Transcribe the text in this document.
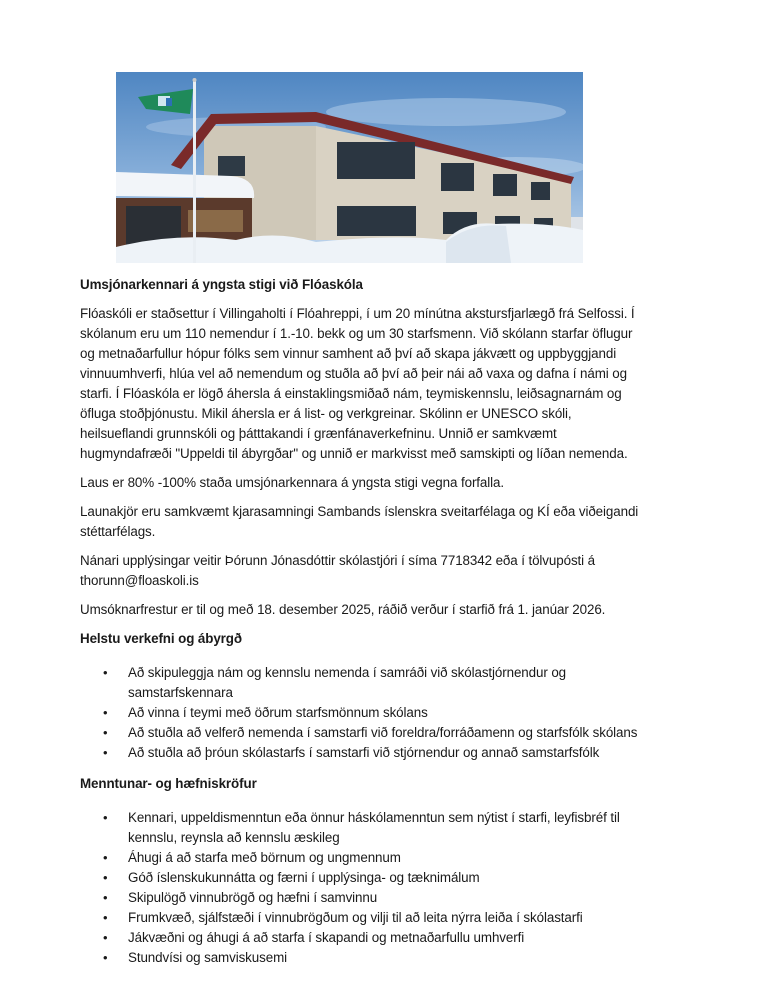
Umsjónarkennari á yngsta stigi við Flóaskóla

Flóaskóli er staðsettur í Villingaholti í Flóahreppi, í um 20 mínútna akstursfjarlægð frá Selfossi. Í
skólanum eru um 110 nemendur í 1.-10. bekk og um 30 starfsmenn. Við skólann starfar öflugur
og metnaðarfullur hópur fólks sem vinnur samhent að því að skapa jákvætt og uppbyggjandi
vinnuumhverfi, hlúa vel að nemendum og stuðla að því að þeir nái að vaxa og dafna í námi og
starfi. Í Flóaskóla er lögð áhersla á einstaklingsmiðað nám, teymiskennslu, leiðsagnarnám og
öfluga stoðþjónustu. Mikil áhersla er á list- og verkgreinar. Skólinn er UNESCO skóli,
heilsueflandi grunnskóli og þátttakandi í grænfánaverkefninu. Unnið er samkvæmt
hugmyndafræði "Uppeldi til ábyrgðar" og unnið er markvisst með samskipti og líðan nemenda.

Laus er 80% -100% staða umsjónarkennara á yngsta stigi vegna forfalla.

Launakjör eru samkvæmt kjarasamningi Sambands íslenskra sveitarfélaga og KÍ eða viðeigandi
stéttarfélags.

Nánari upplýsingar veitir Þórunn Jónasdóttir skólastjóri í síma 7718342 eða í tölvupósti á
thorunn@floaskoli.is

Umsóknarfrestur er til og með 18. desember 2025, ráðið verður í starfið frá 1. janúar 2026.

Helstu verkefni og ábyrgð

• Að skipuleggja nám og kennslu nemenda í samráði við skólastjórnendur og
samstarfskennara
• Að vinna í teymi með öðrum starfsmönnum skólans
• Að stuðla að velferð nemenda í samstarfi við foreldra/forráðamenn og starfsfólk skólans
• Að stuðla að þróun skólastarfs í samstarfi við stjórnendur og annað samstarfsfólk

Menntunar- og hæfniskröfur

• Kennari, uppeldismenntun eða önnur háskólamenntun sem nýtist í starfi, leyfisbréf til
kennslu, reynsla að kennslu æskileg
• Áhugi á að starfa með börnum og ungmennum
• Góð íslenskukunnátta og færni í upplýsinga- og tæknimálum
• Skipulögð vinnubrögð og hæfni í samvinnu
• Frumkvæð, sjálfstæði í vinnubrögðum og vilji til að leita nýrra leiða í skólastarfi
• Jákvæðni og áhugi á að starfa í skapandi og metnaðarfullu umhverfi
• Stundvísi og samviskusemi
